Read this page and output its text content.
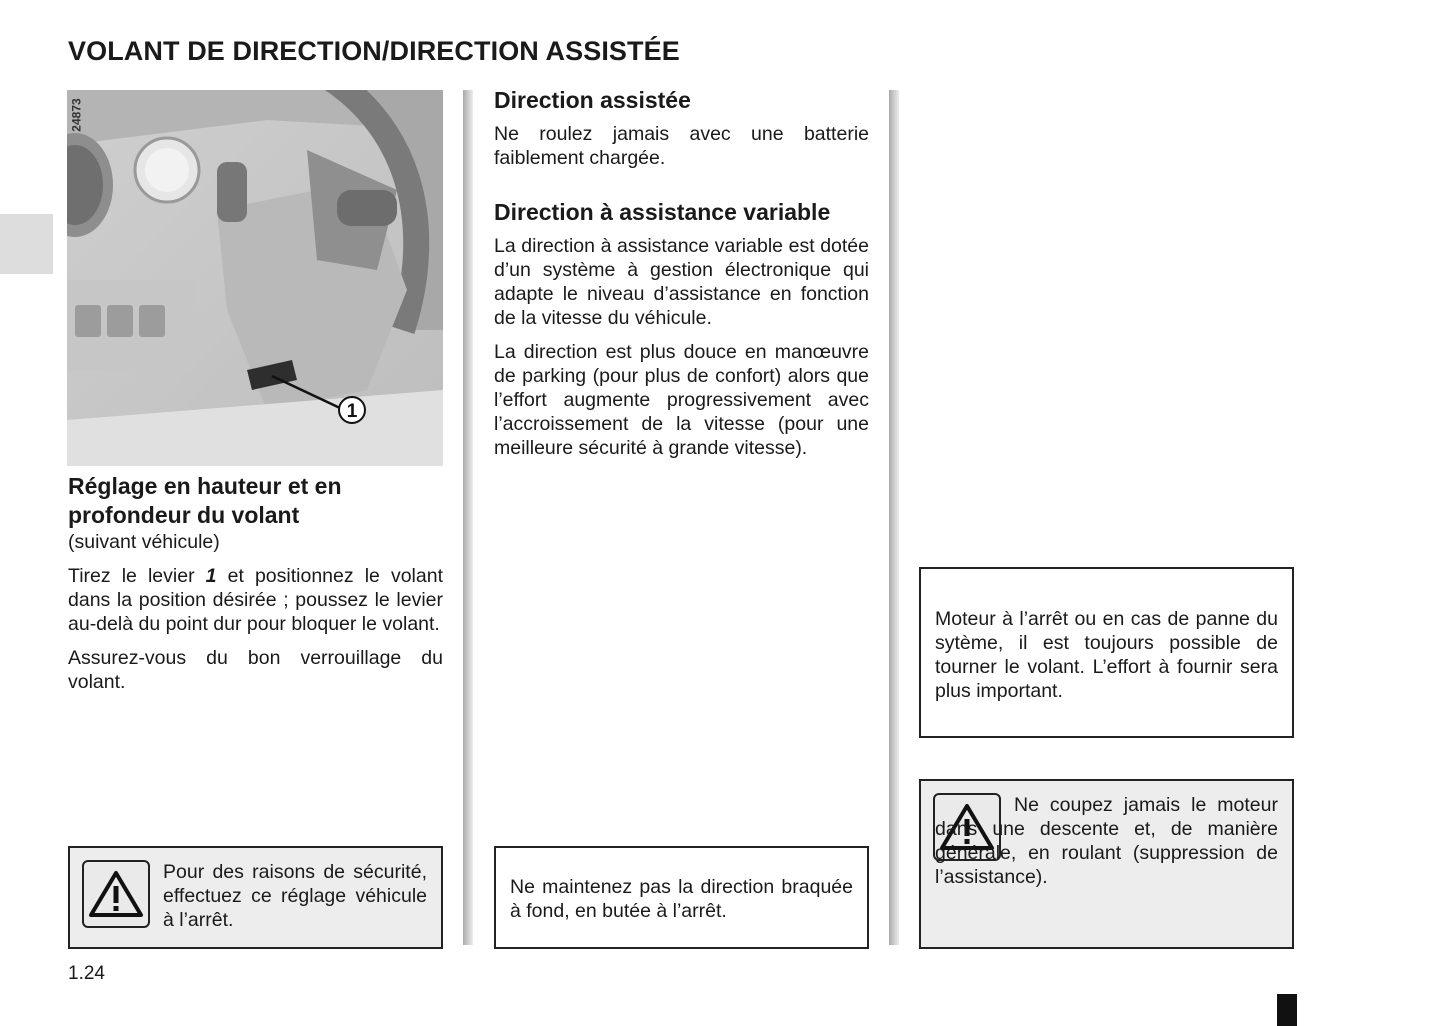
VOLANT DE DIRECTION/DIRECTION ASSISTÉE
1
24873
Réglage en hauteur et en profondeur du volant
(suivant véhicule)

Tirez le levier 1 et positionnez le volant dans la position désirée ; poussez le levier au-delà du point dur pour bloquer le volant.

Assurez-vous du bon verrouillage du volant.

Pour des raisons de sécurité, effectuez ce réglage véhicule à l’arrêt.

Direction assistée

Ne roulez jamais avec une batterie faiblement chargée.

Direction à assistance variable

La direction à assistance variable est dotée d’un système à gestion électronique qui adapte le niveau d’assistance en fonction de la vitesse du véhicule.

La direction est plus douce en manœuvre de parking (pour plus de confort) alors que l’effort augmente progressivement avec l’accroissement de la vitesse (pour une meilleure sécurité à grande vitesse).

Ne maintenez pas la direction braquée à fond, en butée à l’arrêt.

Moteur à l’arrêt ou en cas de panne du sytème, il est toujours possible de tourner le volant. L’effort à fournir sera plus important.

Ne coupez jamais le moteur dans une descente et, de manière générale, en roulant (suppression de l’assistance).

1.24
